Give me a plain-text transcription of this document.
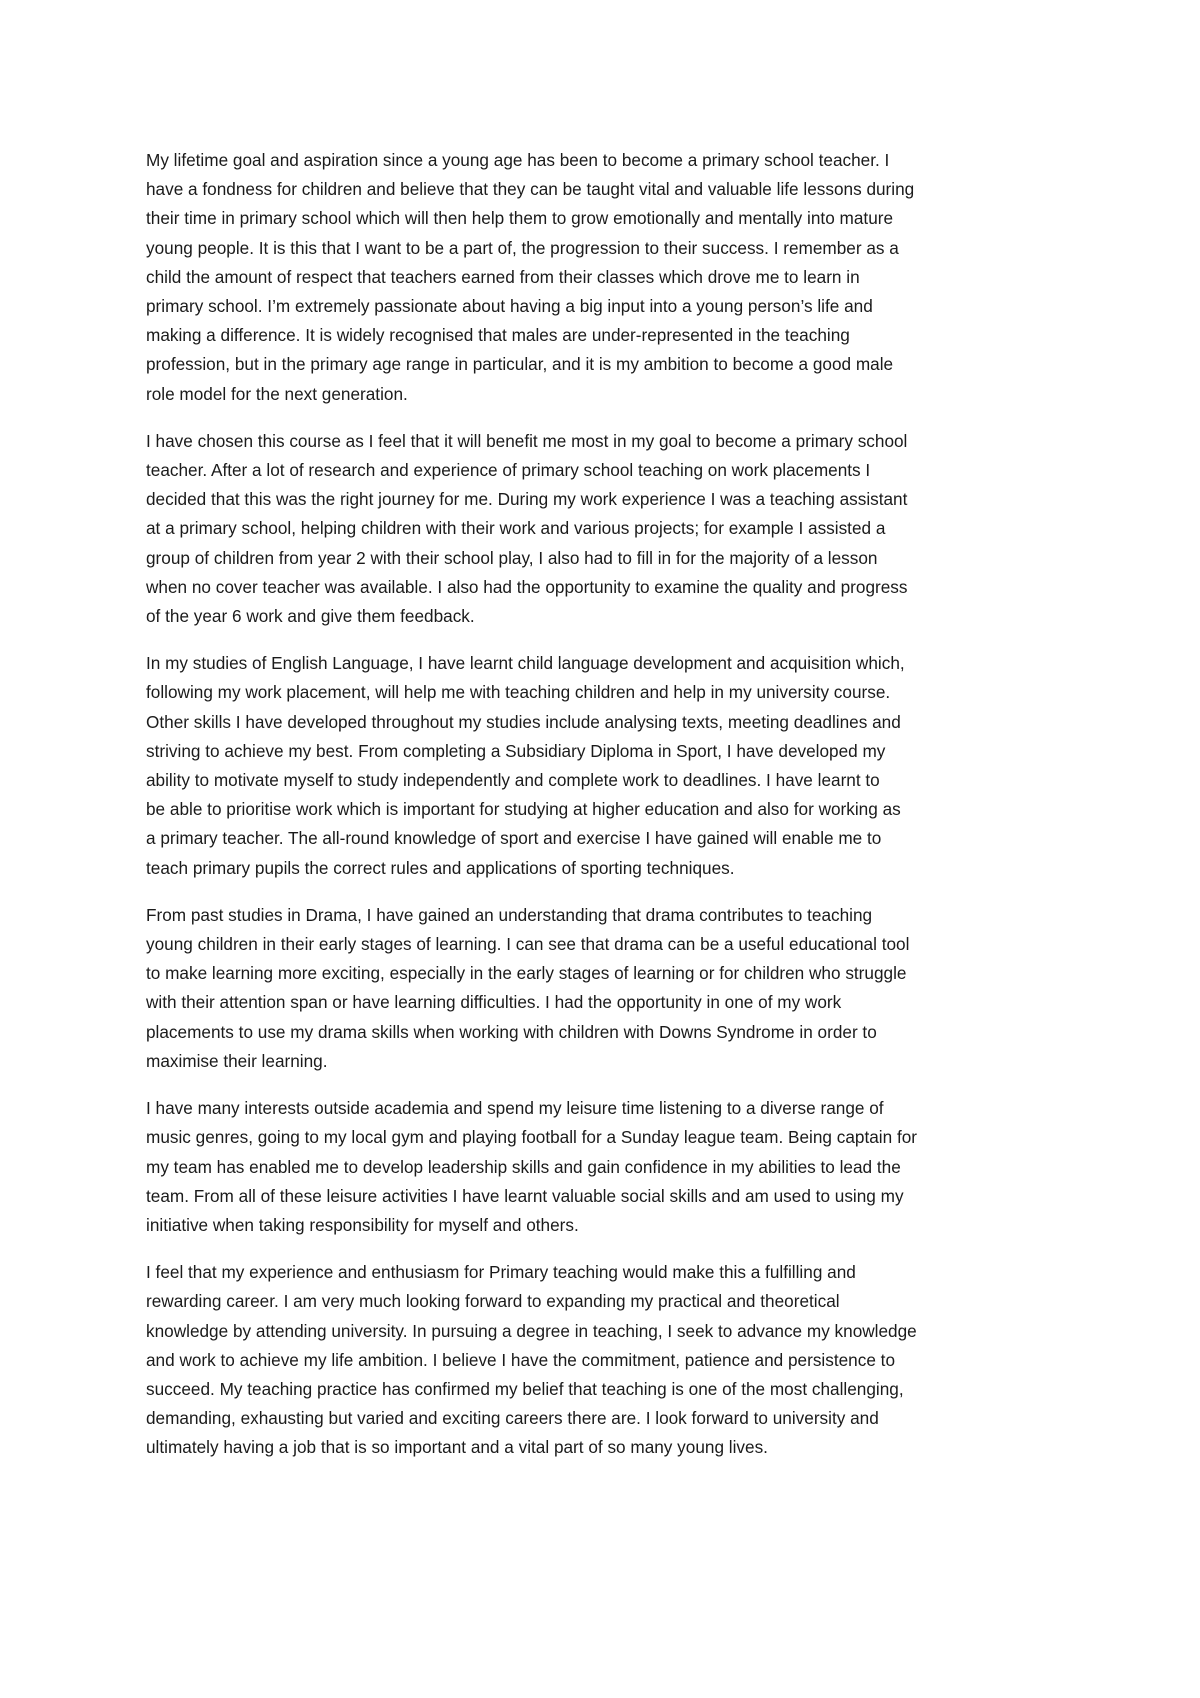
My lifetime goal and aspiration since a young age has been to become a primary school teacher. I
have a fondness for children and believe that they can be taught vital and valuable life lessons during
their time in primary school which will then help them to grow emotionally and mentally into mature
young people. It is this that I want to be a part of, the progression to their success. I remember as a
child the amount of respect that teachers earned from their classes which drove me to learn in
primary school. I’m extremely passionate about having a big input into a young person’s life and
making a difference. It is widely recognised that males are under-represented in the teaching
profession, but in the primary age range in particular, and it is my ambition to become a good male
role model for the next generation.
I have chosen this course as I feel that it will benefit me most in my goal to become a primary school
teacher. After a lot of research and experience of primary school teaching on work placements I
decided that this was the right journey for me. During my work experience I was a teaching assistant
at a primary school, helping children with their work and various projects; for example I assisted a
group of children from year 2 with their school play, I also had to fill in for the majority of a lesson
when no cover teacher was available. I also had the opportunity to examine the quality and progress
of the year 6 work and give them feedback.
In my studies of English Language, I have learnt child language development and acquisition which,
following my work placement, will help me with teaching children and help in my university course.
Other skills I have developed throughout my studies include analysing texts, meeting deadlines and
striving to achieve my best. From completing a Subsidiary Diploma in Sport, I have developed my
ability to motivate myself to study independently and complete work to deadlines. I have learnt to
be able to prioritise work which is important for studying at higher education and also for working as
a primary teacher. The all-round knowledge of sport and exercise I have gained will enable me to
teach primary pupils the correct rules and applications of sporting techniques.
From past studies in Drama, I have gained an understanding that drama contributes to teaching
young children in their early stages of learning. I can see that drama can be a useful educational tool
to make learning more exciting, especially in the early stages of learning or for children who struggle
with their attention span or have learning difficulties. I had the opportunity in one of my work
placements to use my drama skills when working with children with Downs Syndrome in order to
maximise their learning.
I have many interests outside academia and spend my leisure time listening to a diverse range of
music genres, going to my local gym and playing football for a Sunday league team. Being captain for
my team has enabled me to develop leadership skills and gain confidence in my abilities to lead the
team. From all of these leisure activities I have learnt valuable social skills and am used to using my
initiative when taking responsibility for myself and others.
I feel that my experience and enthusiasm for Primary teaching would make this a fulfilling and
rewarding career. I am very much looking forward to expanding my practical and theoretical
knowledge by attending university. In pursuing a degree in teaching, I seek to advance my knowledge
and work to achieve my life ambition. I believe I have the commitment, patience and persistence to
succeed. My teaching practice has confirmed my belief that teaching is one of the most challenging,
demanding, exhausting but varied and exciting careers there are. I look forward to university and
ultimately having a job that is so important and a vital part of so many young lives.
